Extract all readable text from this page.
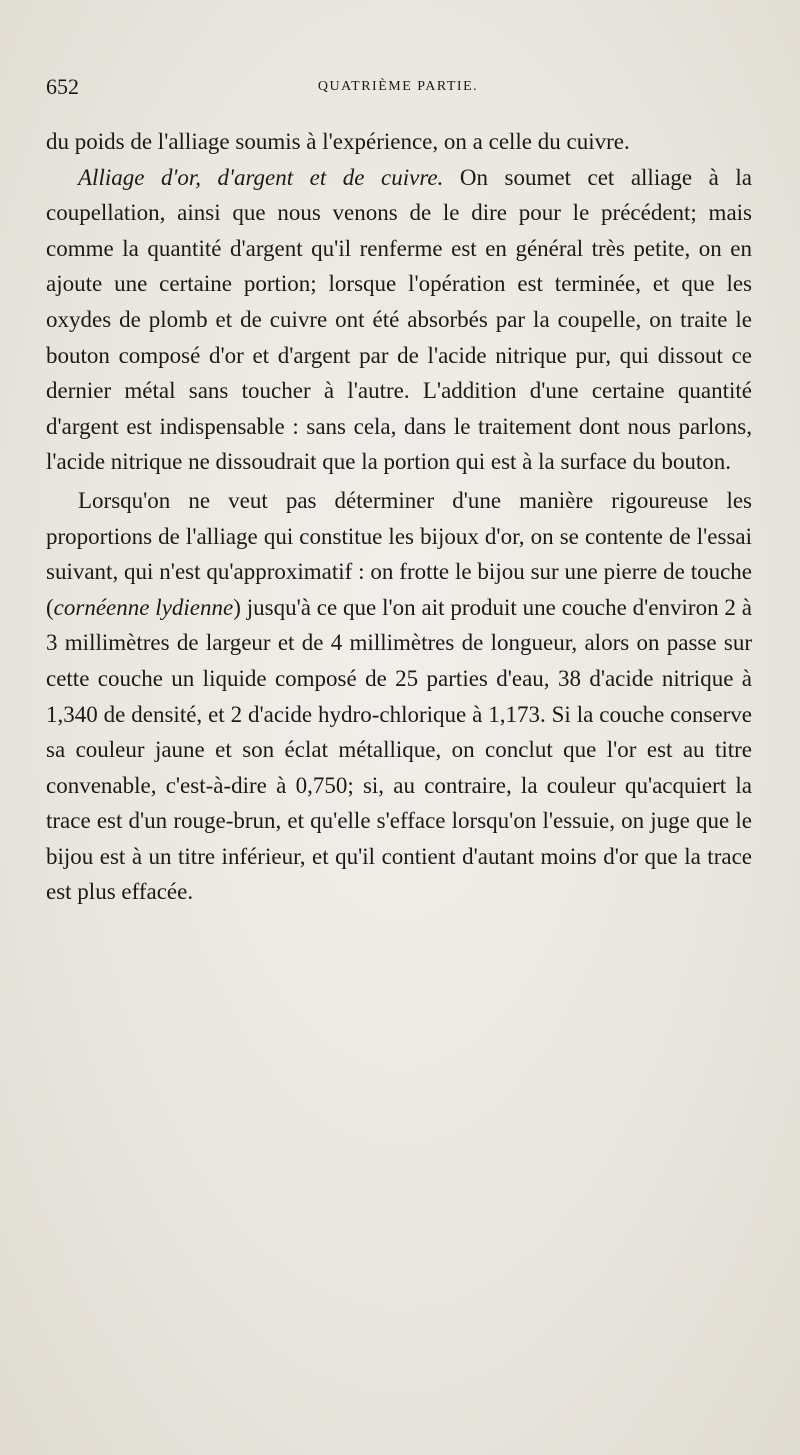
652	QUATRIÈME PARTIE.

du poids de l'alliage soumis à l'expérience, on a celle du cuivre.

Alliage d'or, d'argent et de cuivre. On soumet cet alliage à la coupellation, ainsi que nous venons de le dire pour le précédent; mais comme la quantité d'argent qu'il renferme est en général très petite, on en ajoute une certaine portion; lorsque l'opération est terminée, et que les oxydes de plomb et de cuivre ont été absorbés par la coupelle, on traite le bouton composé d'or et d'argent par de l'acide nitrique pur, qui dissout ce dernier métal sans toucher à l'autre. L'addition d'une certaine quantité d'argent est indispensable : sans cela, dans le traitement dont nous parlons, l'acide nitrique ne dissoudrait que la portion qui est à la surface du bouton.

Lorsqu'on ne veut pas déterminer d'une manière rigoureuse les proportions de l'alliage qui constitue les bijoux d'or, on se contente de l'essai suivant, qui n'est qu'approximatif : on frotte le bijou sur une pierre de touche (cornéenne lydienne) jusqu'à ce que l'on ait produit une couche d'environ 2 à 3 millimètres de largeur et de 4 millimètres de longueur, alors on passe sur cette couche un liquide composé de 25 parties d'eau, 38 d'acide nitrique à 1,340 de densité, et 2 d'acide hydro-chlorique à 1,173. Si la couche conserve sa couleur jaune et son éclat métallique, on conclut que l'or est au titre convenable, c'est-à-dire à 0,750; si, au contraire, la couleur qu'acquiert la trace est d'un rouge-brun, et qu'elle s'efface lorsqu'on l'essuie, on juge que le bijou est à un titre inférieur, et qu'il contient d'autant moins d'or que la trace est plus effacée.
